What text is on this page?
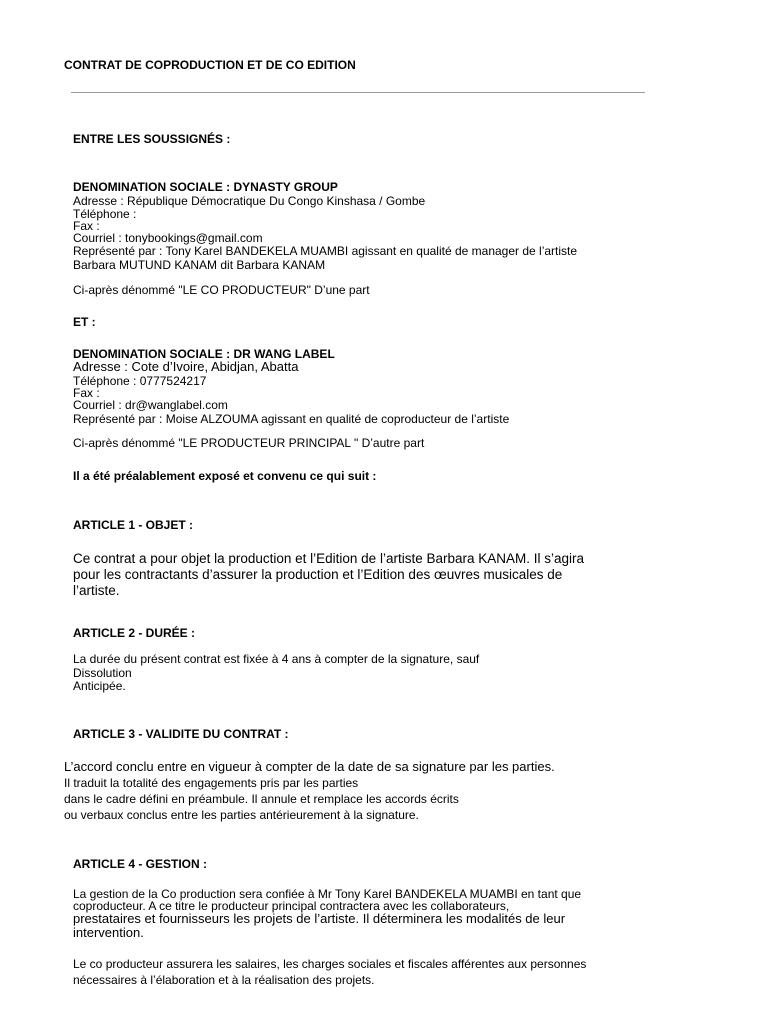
CONTRAT DE COPRODUCTION ET DE CO EDITION
ENTRE LES SOUSSIGNÉS :
DENOMINATION SOCIALE : DYNASTY GROUP
Adresse : République Démocratique Du Congo Kinshasa / Gombe
Téléphone :
Fax :
Courriel : tonybookings@gmail.com
Représenté par : Tony Karel BANDEKELA MUAMBI agissant en qualité de manager de l’artiste
Barbara MUTUND KANAM dit Barbara KANAM
Ci-après dénommé "LE CO PRODUCTEUR" D’une part
ET :
DENOMINATION SOCIALE : DR WANG LABEL
Adresse : Cote d’Ivoire, Abidjan, Abatta
Téléphone : 0777524217
Fax :
Courriel : dr@wanglabel.com
Représenté par : Moise ALZOUMA agissant en qualité de coproducteur de l’artiste
Ci-après dénommé "LE PRODUCTEUR PRINCIPAL " D’autre part
Il a été préalablement exposé et convenu ce qui suit :
ARTICLE 1 - OBJET :
Ce contrat a pour objet la production et l’Edition de l’artiste Barbara KANAM. Il s’agira
pour les contractants d’assurer la production et l’Edition des œuvres musicales de
l’artiste.
ARTICLE 2 - DURÉE :
La durée du présent contrat est fixée à 4 ans à compter de la signature, sauf
Dissolution
Anticipée.
ARTICLE 3 - VALIDITE DU CONTRAT :
L’accord conclu entre en vigueur à compter de la date de sa signature par les parties.
Il traduit la totalité des engagements pris par les parties
dans le cadre défini en préambule. Il annule et remplace les accords écrits
ou verbaux conclus entre les parties antérieurement à la signature.
ARTICLE 4 - GESTION :
La gestion de la Co production sera confiée à Mr Tony Karel BANDEKELA MUAMBI en tant que
coproducteur. A ce titre le producteur principal contractera avec les collaborateurs,
prestataires et fournisseurs les projets de l’artiste. Il déterminera les modalités de leur
intervention.
Le co producteur assurera les salaires, les charges sociales et fiscales afférentes aux personnes
nécessaires à l’élaboration et à la réalisation des projets.
